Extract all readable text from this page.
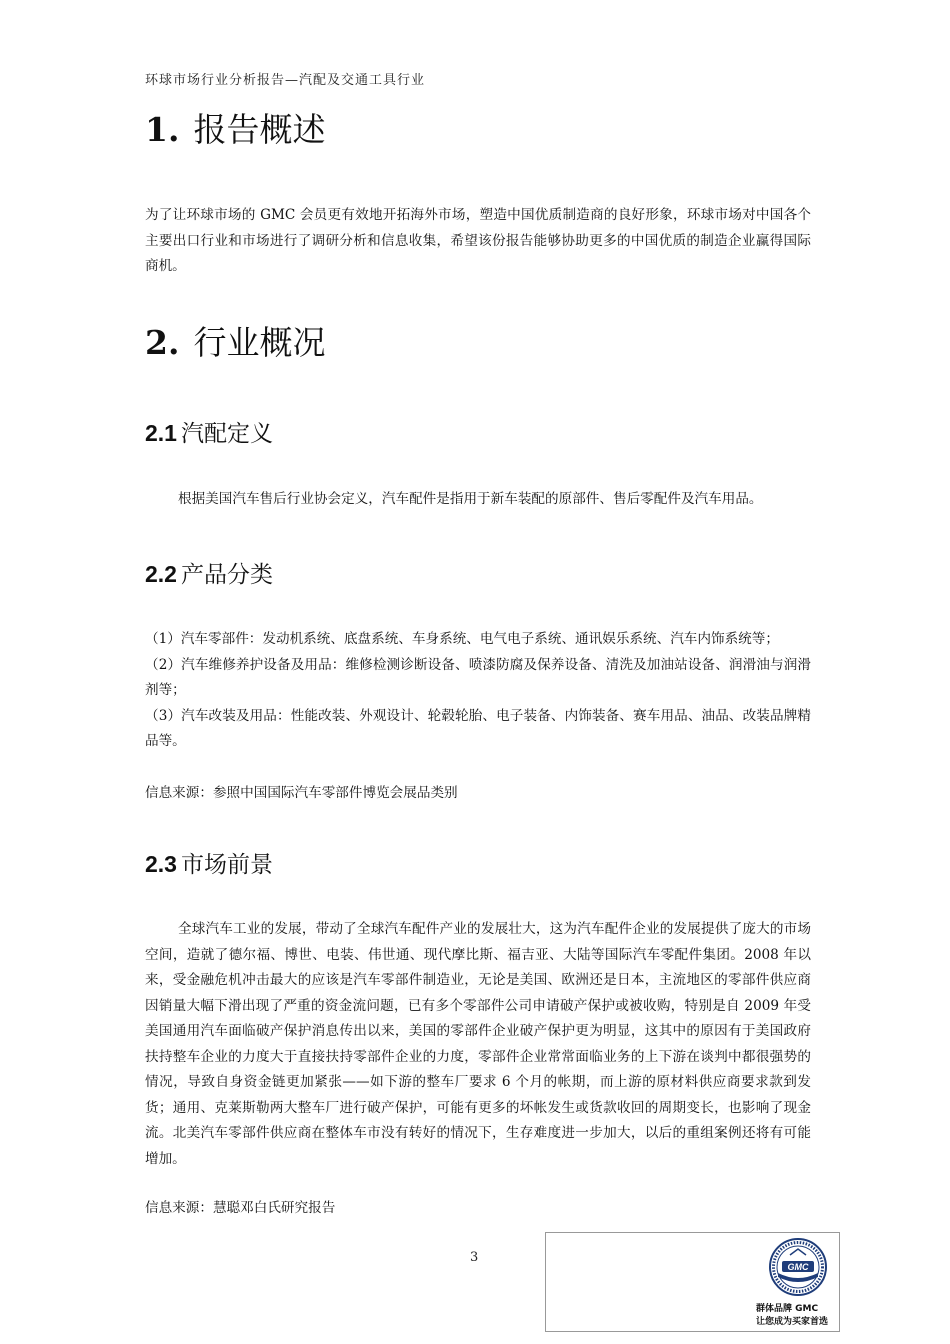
环球市场行业分析报告—汽配及交通工具行业
1 . 报告概述

为了让环球市场的 GMC 会员更有效地开拓海外市场，塑造中国优质制造商的良好形象，环球市场对中国各个主要出口行业和市场进行了调研分析和信息收集，希望该份报告能够协助更多的中国优质的制造企业赢得国际商机。

2 . 行业概况
2.1 汽配定义

根据美国汽车售后行业协会定义，汽车配件是指用于新车装配的原部件、售后零配件及汽车用品。

2.2 产品分类

（1）汽车零部件：发动机系统、底盘系统、车身系统、电气电子系统、通讯娱乐系统、汽车内饰系统等；

（2）汽车维修养护设备及用品：维修检测诊断设备、喷漆防腐及保养设备、清洗及加油站设备、润滑油与润滑剂等；

（3）汽车改装及用品：性能改装、外观设计、轮毂轮胎、电子装备、内饰装备、赛车用品、油品、改装品牌精品等。

信息来源：参照中国国际汽车零部件博览会展品类别
2.3 市场前景

全球汽车工业的发展，带动了全球汽车配件产业的发展壮大，这为汽车配件企业的发展提供了庞大的市场空间，造就了德尔福、博世、电装、伟世通、现代摩比斯、福吉亚、大陆等国际汽车零配件集团。2008 年以来，受金融危机冲击最大的应该是汽车零部件制造业，无论是美国、欧洲还是日本，主流地区的零部件供应商因销量大幅下滑出现了严重的资金流问题，已有多个零部件公司申请破产保护或被收购，特别是自 2009 年受美国通用汽车面临破产保护消息传出以来，美国的零部件企业破产保护更为明显，这其中的原因有于美国政府扶持整车企业的力度大于直接扶持零部件企业的力度，零部件企业常常面临业务的上下游在谈判中都很强势的情况，导致自身资金链更加紧张——如下游的整车厂要求 6 个月的帐期，而上游的原材料供应商要求款到发货；通用、克莱斯勒两大整车厂进行破产保护，可能有更多的坏帐发生或货款收回的周期变长，也影响了现金流。北美汽车零部件供应商在整体车市没有转好的情况下，生存难度进一步加大，以后的重组案例还将有可能增加。

信息来源：慧聪邓白氏研究报告
3
GMC
群体品牌 GMC
让您成为买家首选
